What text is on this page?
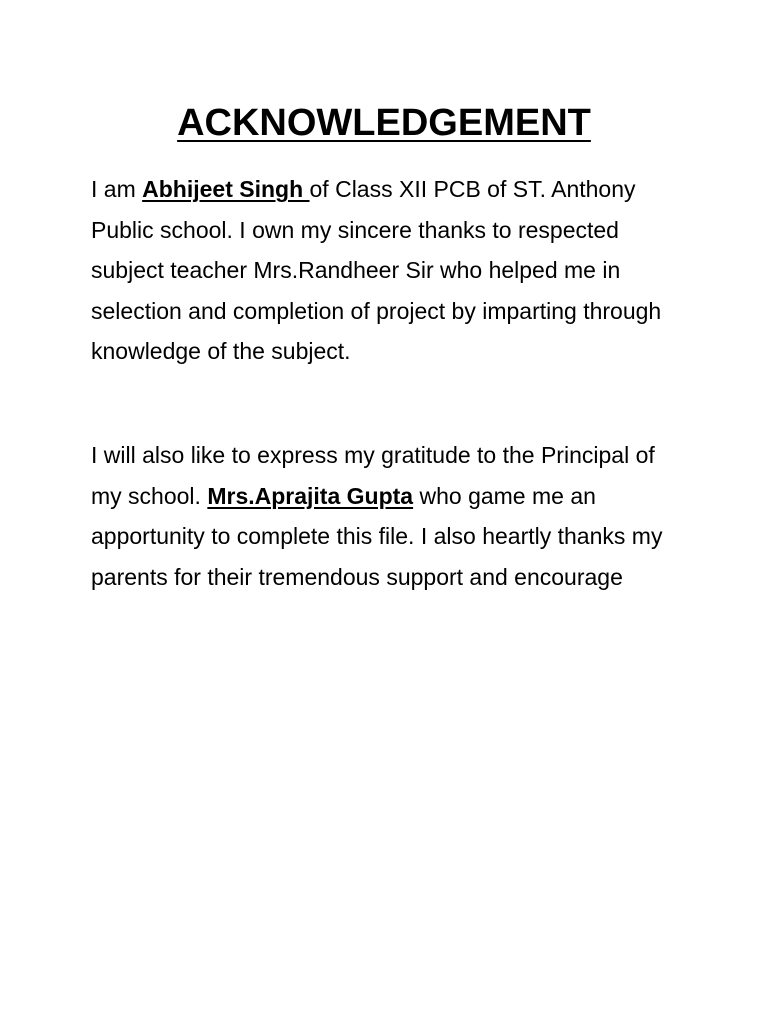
ACKNOWLEDGEMENT

I am Abhijeet Singh of Class XII PCB of ST. Anthony Public school. I own my sincere thanks to respected subject teacher Mrs.Randheer Sir who helped me in selection and completion of project by imparting through knowledge of the subject.

I will also like to express my gratitude to the Principal of my school. Mrs.Aprajita Gupta who game me an apportunity to complete this file. I also heartly thanks my parents for their tremendous support and encourage
